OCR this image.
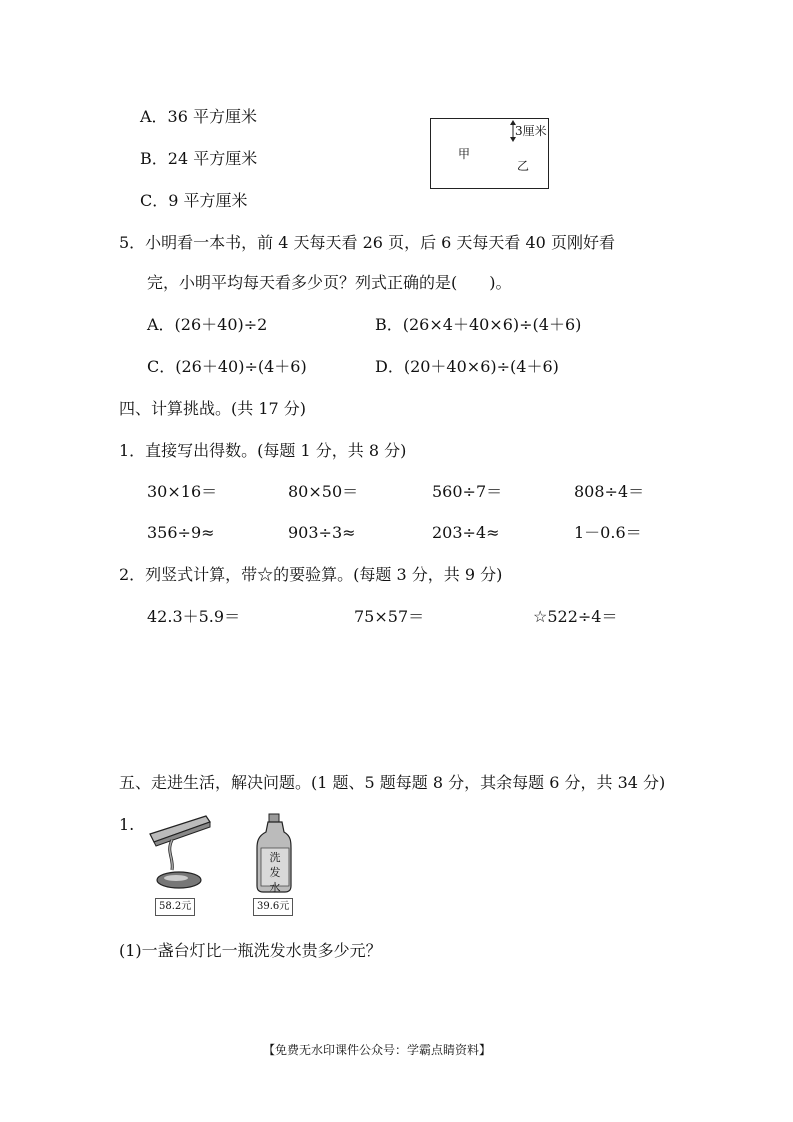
A．36 平方厘米
B．24 平方厘米
C．9 平方厘米
3厘米
甲
乙
5．小明看一本书，前 4 天每天看 26 页，后 6 天每天看 40 页刚好看
完，小明平均每天看多少页？列式正确的是(　　)。
A．(26＋40)÷2	B．(26×4＋40×6)÷(4＋6)
C．(26＋40)÷(4＋6)	D．(20＋40×6)÷(4＋6)
四、计算挑战。(共 17 分)
1．直接写出得数。(每题 1 分，共 8 分)
30×16＝	80×50＝	560÷7＝	808÷4＝
356÷9≈	903÷3≈	203÷4≈	1－0.6＝
2．列竖式计算，带☆的要验算。(每题 3 分，共 9 分)
42.3＋5.9＝	75×57＝	☆522÷4＝
五、走进生活，解决问题。(1 题、5 题每题 8 分，其余每题 6 分，共 34 分)
1.
58.2元
洗
发
水
39.6元
(1)一盏台灯比一瓶洗发水贵多少元？
【免费无水印课件公众号：学霸点睛资料】
